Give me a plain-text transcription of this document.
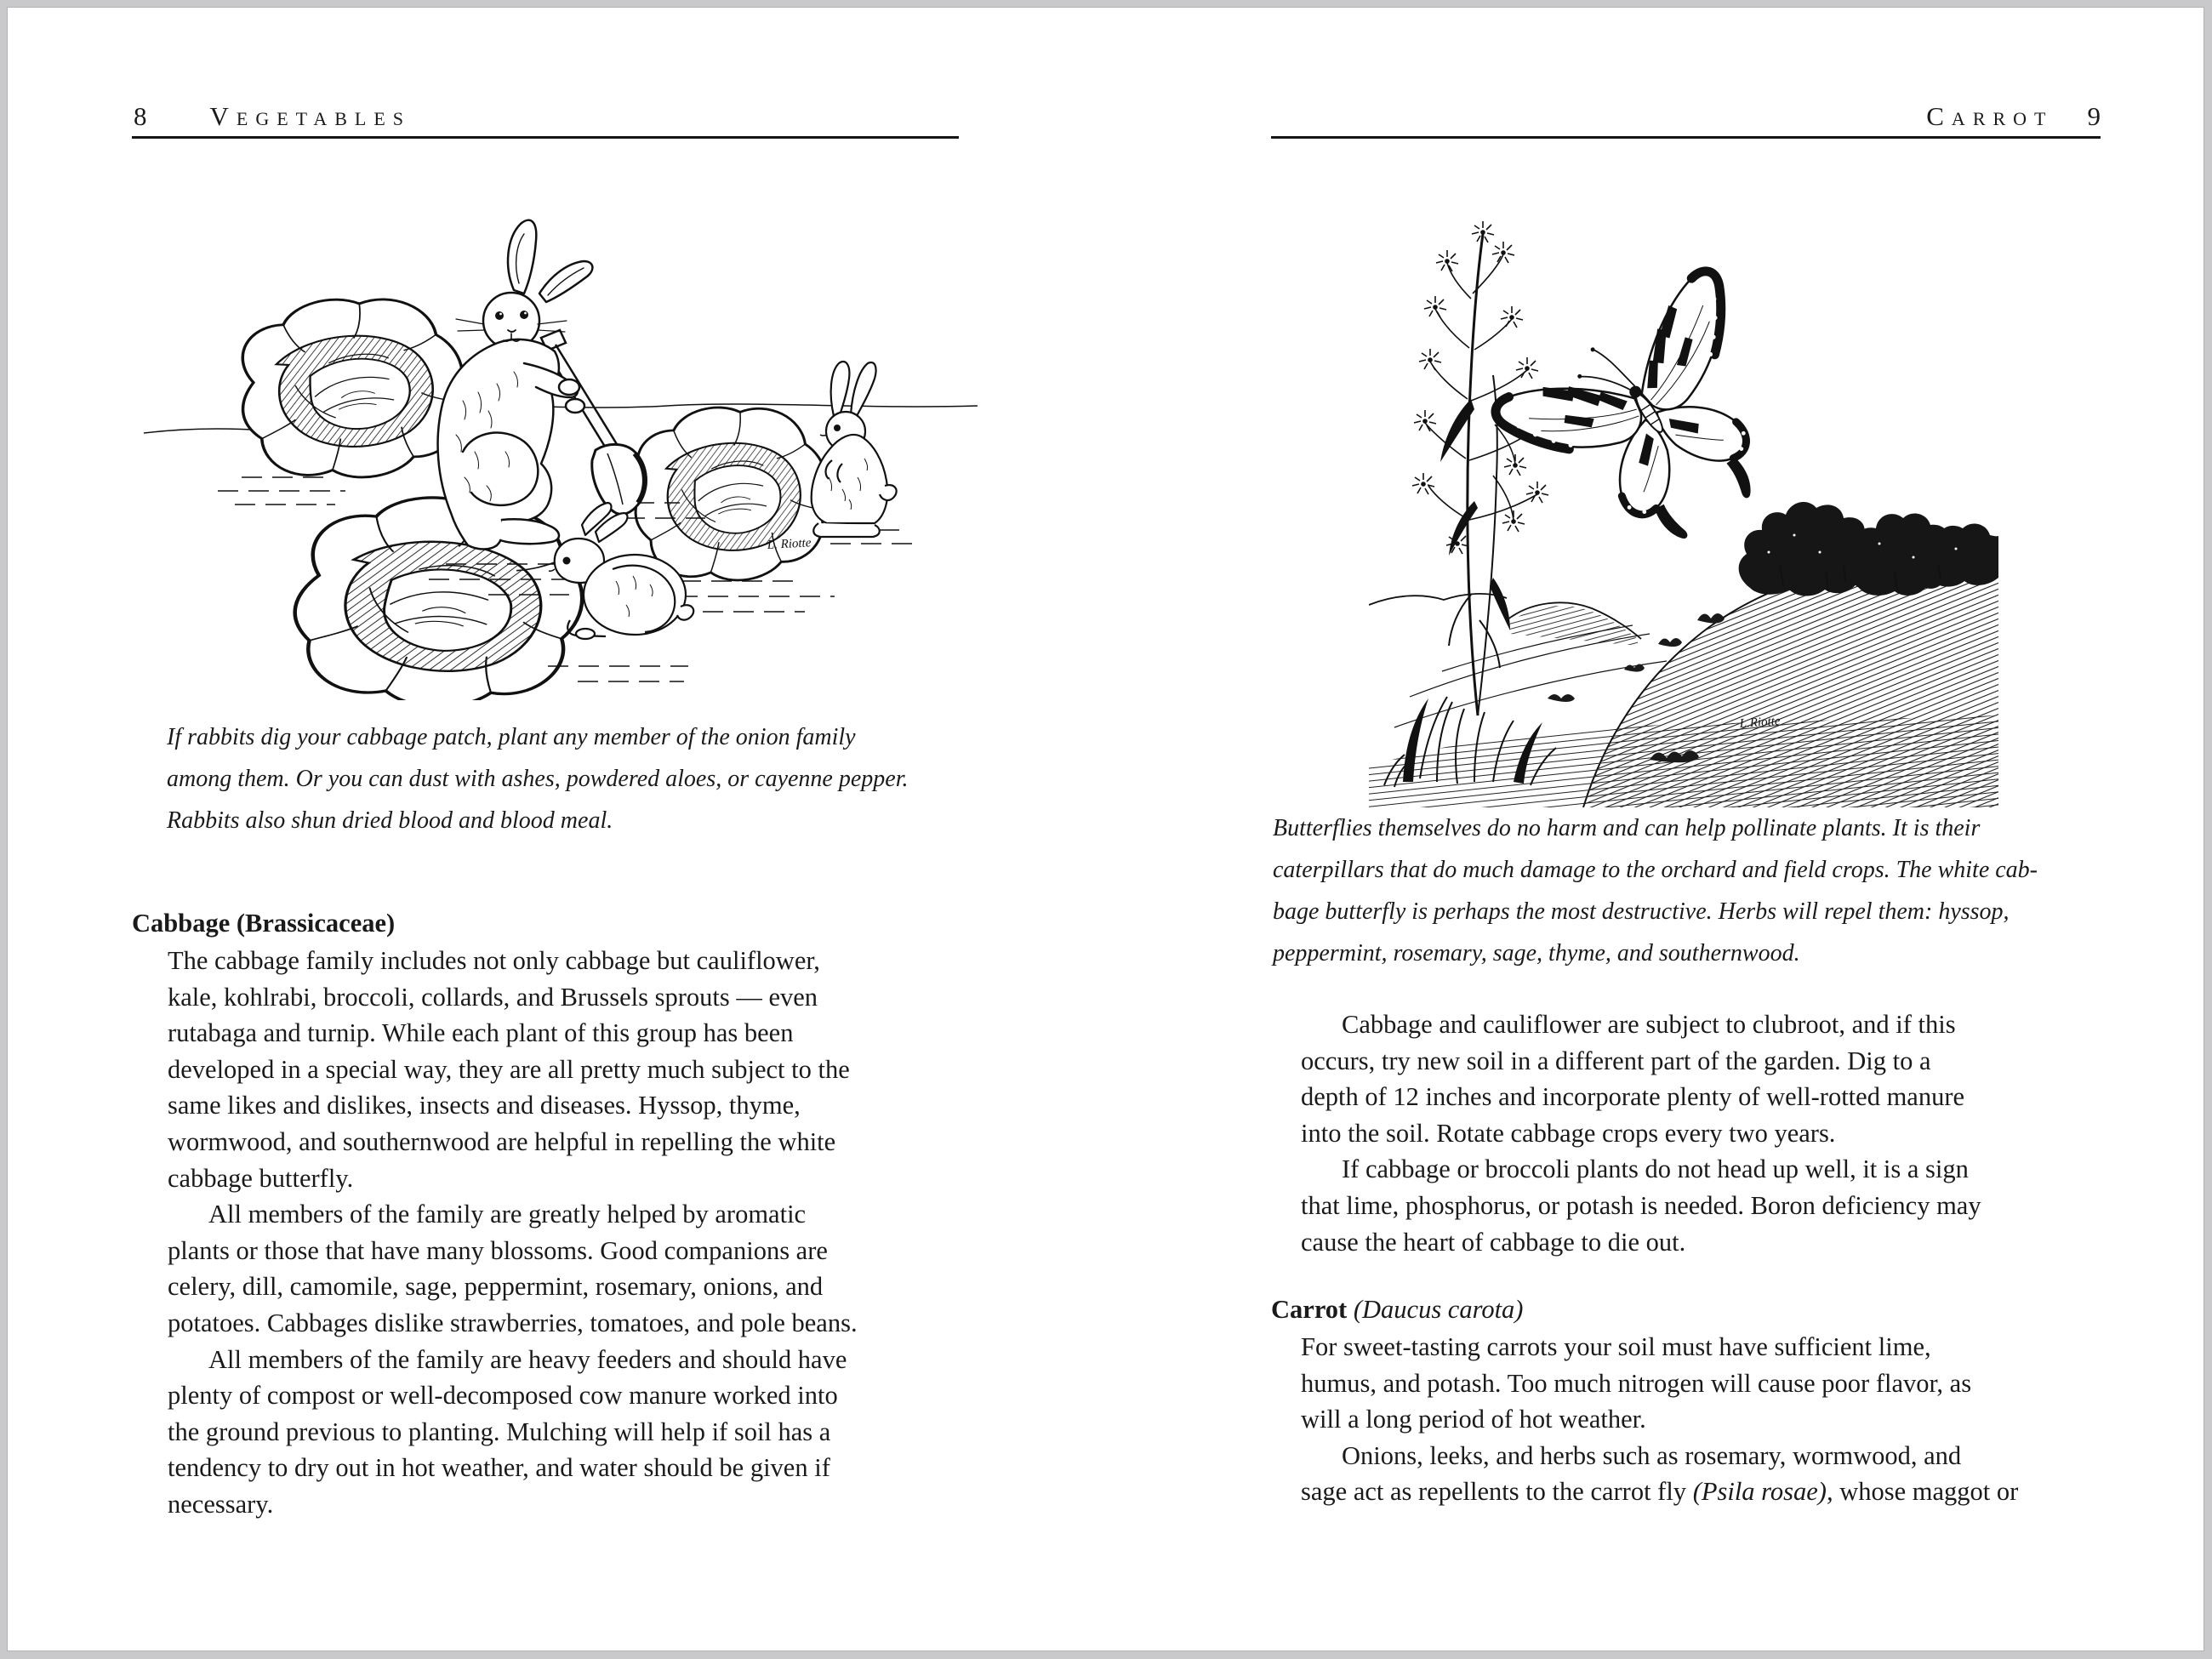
8 Vegetables
L. Riotte
If rabbits dig your cabbage patch, plant any member of the onion family
among them. Or you can dust with ashes, powdered aloes, or cayenne pepper.
Rabbits also shun dried blood and blood meal.
Cabbage (Brassicaceae)
The cabbage family includes not only cabbage but cauliflower,
kale, kohlrabi, broccoli, collards, and Brussels sprouts — even
rutabaga and turnip. While each plant of this group has been
developed in a special way, they are all pretty much subject to the
same likes and dislikes, insects and diseases. Hyssop, thyme,
wormwood, and southernwood are helpful in repelling the white
cabbage butterfly.
All members of the family are greatly helped by aromatic
plants or those that have many blossoms. Good companions are
celery, dill, camomile, sage, peppermint, rosemary, onions, and
potatoes. Cabbages dislike strawberries, tomatoes, and pole beans.
All members of the family are heavy feeders and should have
plenty of compost or well-decomposed cow manure worked into
the ground previous to planting. Mulching will help if soil has a
tendency to dry out in hot weather, and water should be given if
necessary.
Carrot 9
L.Riotte
Butterflies themselves do no harm and can help pollinate plants. It is their
caterpillars that do much damage to the orchard and field crops. The white cab-
bage butterfly is perhaps the most destructive. Herbs will repel them: hyssop,
peppermint, rosemary, sage, thyme, and southernwood.
Cabbage and cauliflower are subject to clubroot, and if this
occurs, try new soil in a different part of the garden. Dig to a
depth of 12 inches and incorporate plenty of well-rotted manure
into the soil. Rotate cabbage crops every two years.
If cabbage or broccoli plants do not head up well, it is a sign
that lime, phosphorus, or potash is needed. Boron deficiency may
cause the heart of cabbage to die out.
Carrot (Daucus carota)
For sweet-tasting carrots your soil must have sufficient lime,
humus, and potash. Too much nitrogen will cause poor flavor, as
will a long period of hot weather.
Onions, leeks, and herbs such as rosemary, wormwood, and
sage act as repellents to the carrot fly (Psila rosae), whose maggot or
